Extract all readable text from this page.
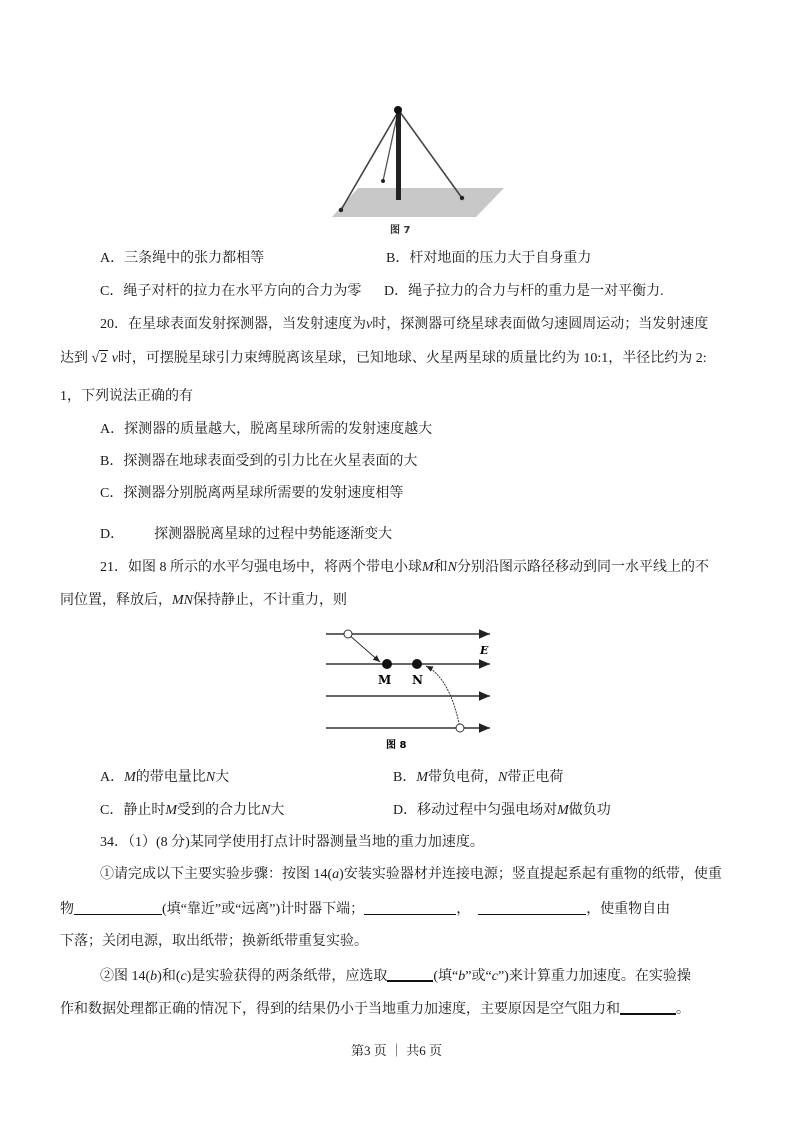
图 7
A．三条绳中的张力都相等	B．杆对地面的压力大于自身重力
C．绳子对杆的拉力在水平方向的合力为零 D．绳子拉力的合力与杆的重力是一对平衡力.
20．在星球表面发射探测器，当发射速度为v时，探测器可绕星球表面做匀速圆周运动；当发射速度
达到 √2 v时，可摆脱星球引力束缚脱离该星球，已知地球、火星两星球的质量比约为 10:1，半径比约为 2:
1，下列说法正确的有
A．探测器的质量越大，脱离星球所需的发射速度越大
B．探测器在地球表面受到的引力比在火星表面的大
C．探测器分别脱离两星球所需要的发射速度相等
D． 探测器脱离星球的过程中势能逐渐变大
21．如图 8 所示的水平匀强电场中，将两个带电小球M和N分别沿图示路径移动到同一水平线上的不
同位置，释放后，MN保持静止，不计重力，则
M N
E
图 8
A．M的带电量比N大	B．M带负电荷，N带正电荷
C．静止时M受到的合力比N大	D．移动过程中匀强电场对M做负功
34．（1）(8 分)某同学使用打点计时器测量当地的重力加速度。
①请完成以下主要实验步骤：按图 14(a)安装实验器材并连接电源；竖直提起系起有重物的纸带，使重
物	(填“靠近”或“远离”)计时器下端；	，	，使重物自由
下落；关闭电源，取出纸带；换新纸带重复实验。
②图 14(b)和(c)是实验获得的两条纸带，应选取	(填“b”或“c”)来计算重力加速度。在实验操
作和数据处理都正确的情况下，得到的结果仍小于当地重力加速度，主要原因是空气阻力和	。
第3 页 ｜ 共6 页
